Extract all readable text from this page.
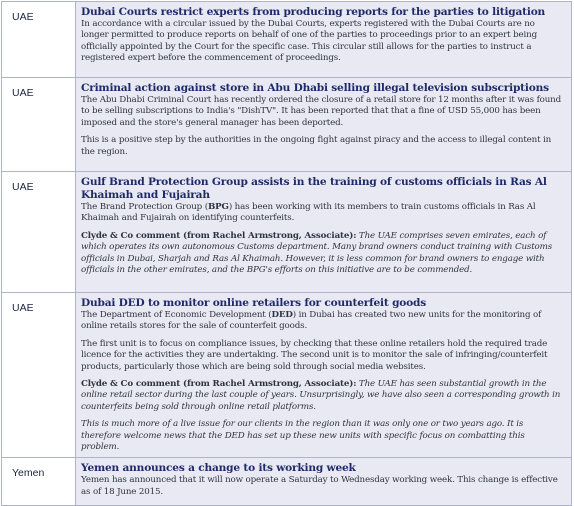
UAE	Dubai Courts restrict experts from producing reports for the parties to litigation

In accordance with a circular issued by the Dubai Courts, experts registered with the Dubai Courts are no longer permitted to produce reports on behalf of one of the parties to proceedings prior to an expert being officially appointed by the Court for the specific case. This circular still allows for the parties to instruct a registered expert before the commencement of proceedings.

UAE	Criminal action against store in Abu Dhabi selling illegal television subscriptions

The Abu Dhabi Criminal Court has recently ordered the closure of a retail store for 12 months after it was found to be selling subscriptions to India's "DishTV". It has been reported that that a fine of USD 55,000 has been imposed and the store's general manager has been deported.

This is a positive step by the authorities in the ongoing fight against piracy and the access to illegal content in the region.

UAE	Gulf Brand Protection Group assists in the training of customs officials in Ras Al Khaimah and Fujairah

The Brand Protection Group (BPG) has been working with its members to train customs officials in Ras Al Khaimah and Fujairah on identifying counterfeits.

Clyde & Co comment (from Rachel Armstrong, Associate): The UAE comprises seven emirates, each of which operates its own autonomous Customs department. Many brand owners conduct training with Customs officials in Dubai, Sharjah and Ras Al Khaimah. However, it is less common for brand owners to engage with officials in the other emirates, and the BPG's efforts on this initiative are to be commended.

UAE	Dubai DED to monitor online retailers for counterfeit goods

The Department of Economic Development (DED) in Dubai has created two new units for the monitoring of online retails stores for the sale of counterfeit goods.

The first unit is to focus on compliance issues, by checking that these online retailers hold the required trade licence for the activities they are undertaking. The second unit is to monitor the sale of infringing/counterfeit products, particularly those which are being sold through social media websites.

Clyde & Co comment (from Rachel Armstrong, Associate): The UAE has seen substantial growth in the online retail sector during the last couple of years. Unsurprisingly, we have also seen a corresponding growth in counterfeits being sold through online retail platforms.

This is much more of a live issue for our clients in the region than it was only one or two years ago. It is therefore welcome news that the DED has set up these new units with specific focus on combatting this problem.

Yemen	Yemen announces a change to its working week

Yemen has announced that it will now operate a Saturday to Wednesday working week. This change is effective as of 18 June 2015.
